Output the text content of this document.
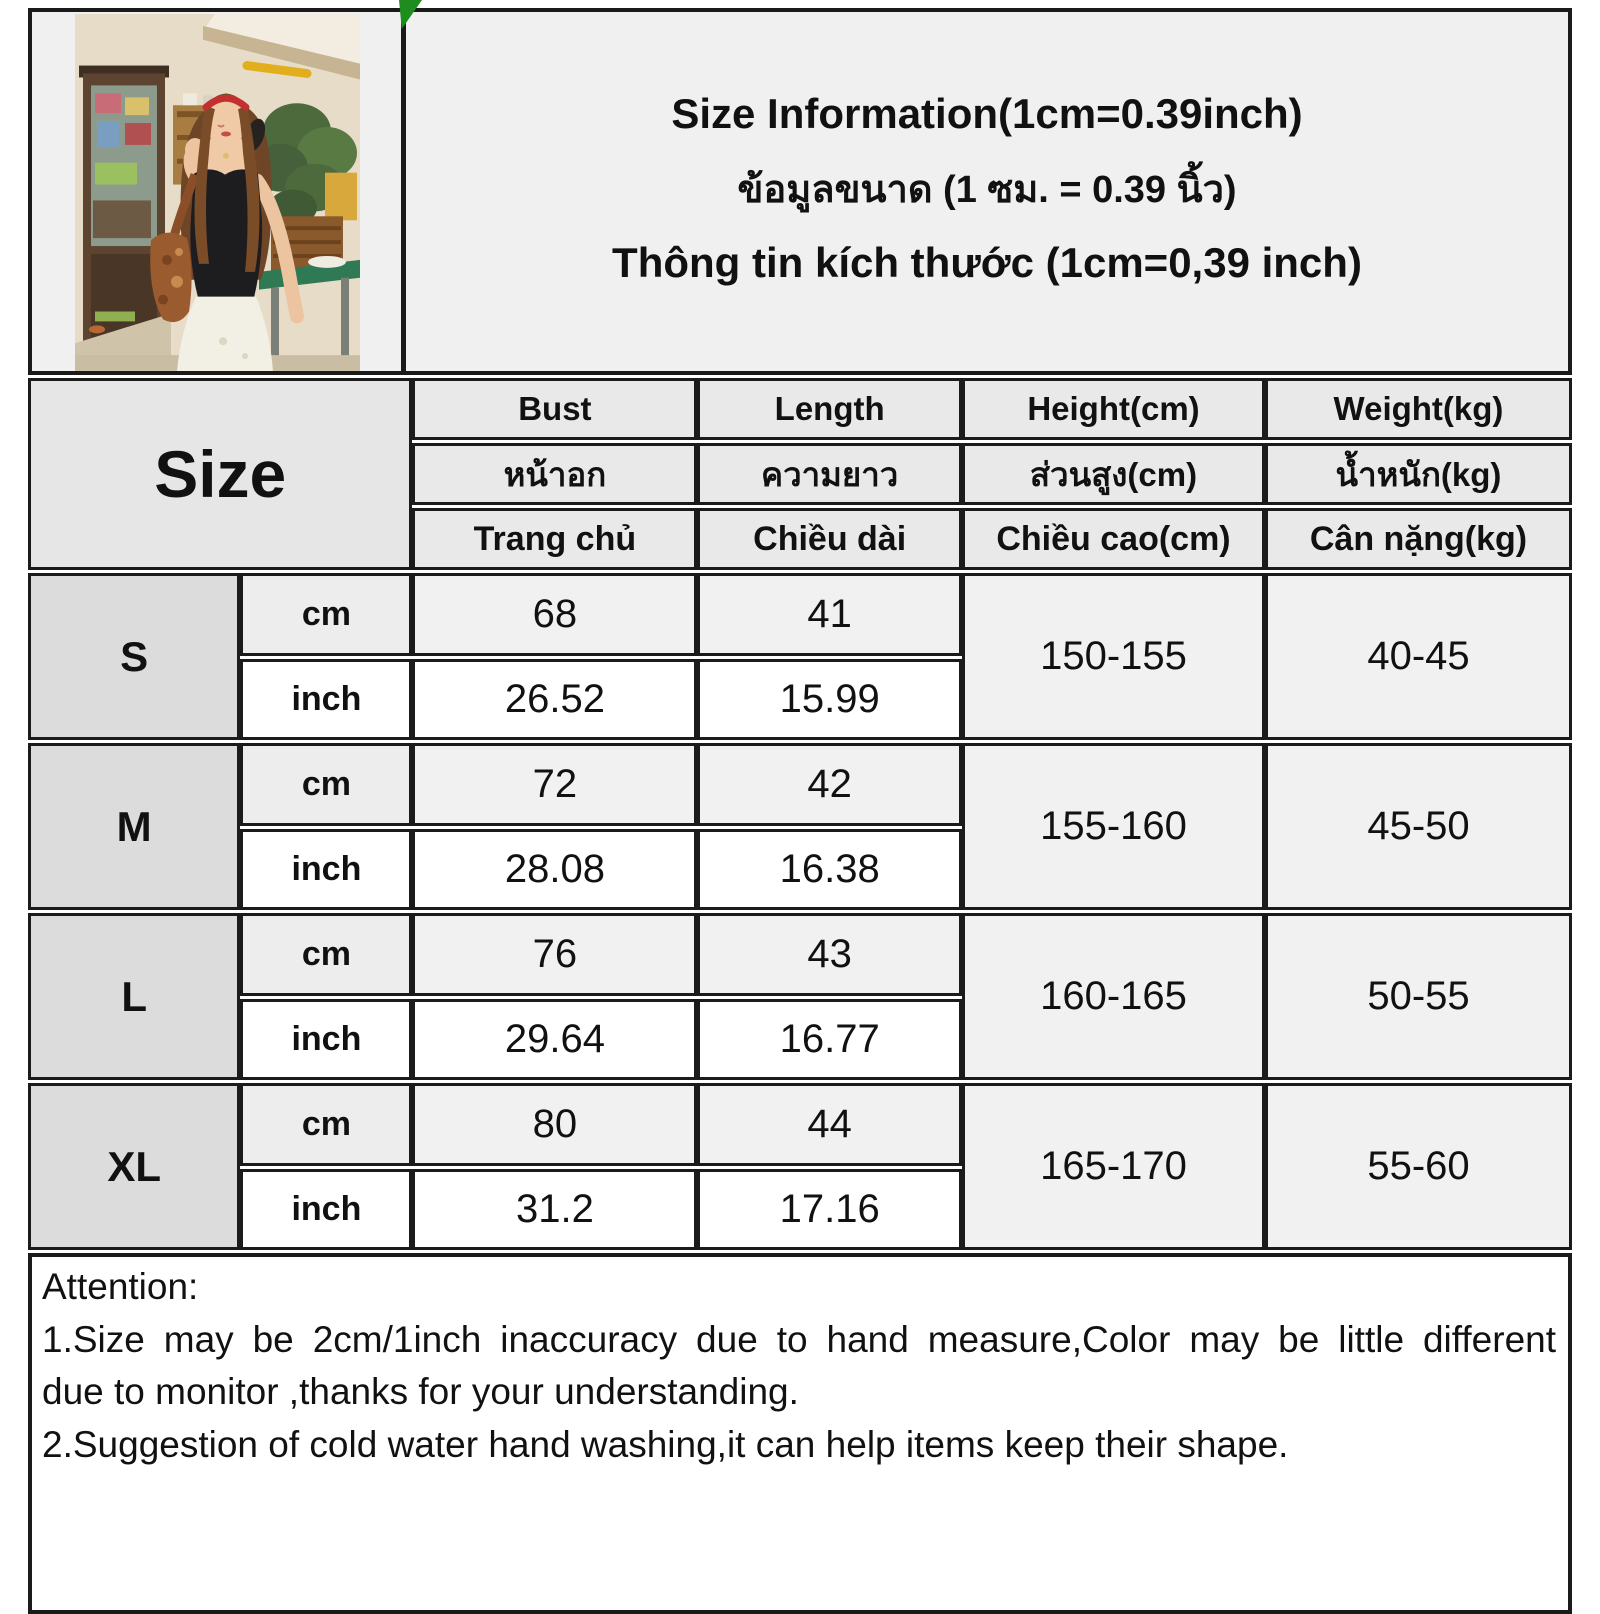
Size Information(1cm=0.39inch)
ข้อมูลขนาด (1 ซม. = 0.39 นิ้ว)
Thông tin kích thước (1cm=0,39 inch)
Size		Bust	Length	Height(cm)	Weight(kg)
		หน้าอก	ความยาว	ส่วนสูง(cm)	น้ำหนัก(kg)
		Trang chủ	Chiều dài	Chiều cao(cm)	Cân nặng(kg)
S	cm	68	41	150-155	40-45
	inch	26.52	15.99		
M	cm	72	42	155-160	45-50
	inch	28.08	16.38		
L	cm	76	43	160-165	50-55
	inch	29.64	16.77		
XL	cm	80	44	165-170	55-60
	inch	31.2	17.16		
Attention:
1.Size may be 2cm/1inch inaccuracy due to hand measure,Color may be little different
due to monitor ,thanks for your understanding.
2.Suggestion of cold water hand washing,it can help items keep their shape.
